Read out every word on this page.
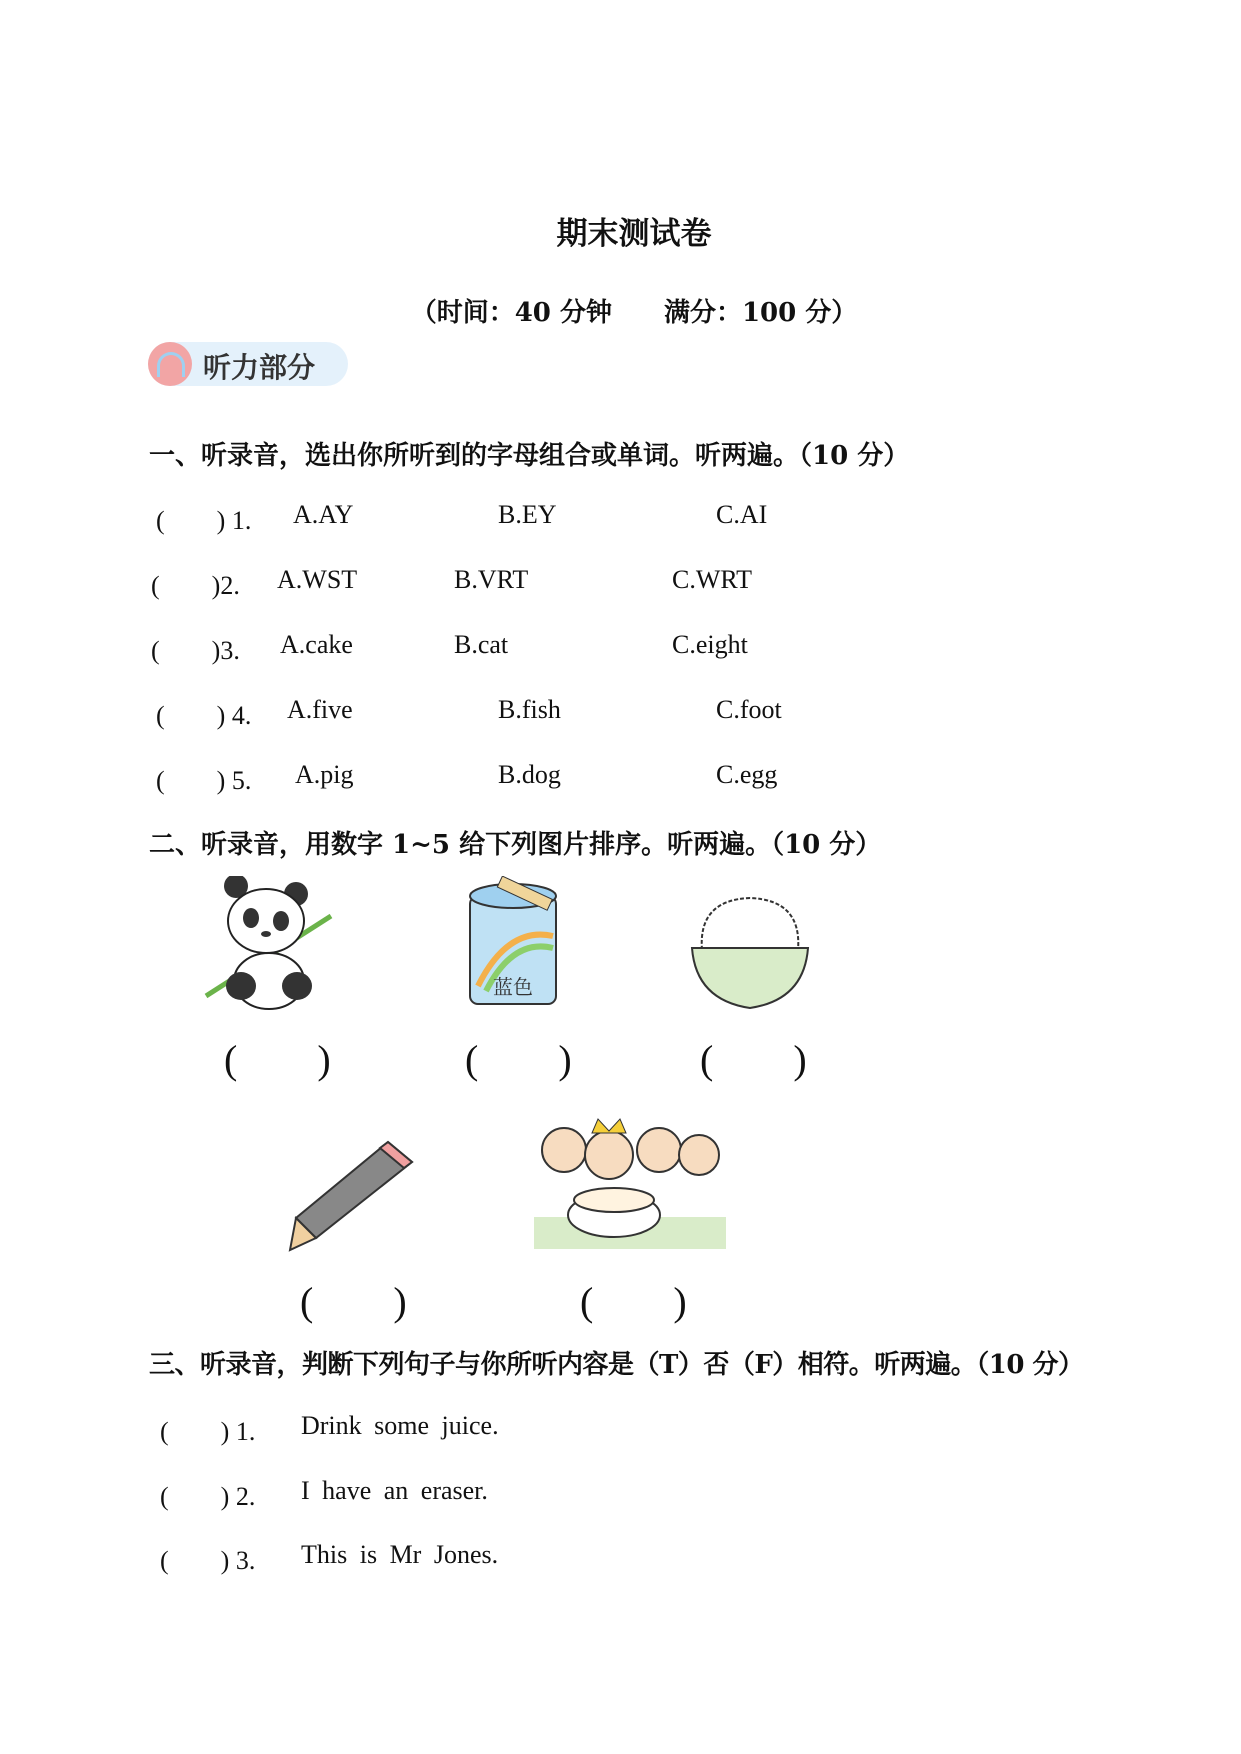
期末测试卷
（时间：40 分钟　　满分：100 分）
听力部分
一、听录音，选出你所听到的字母组合或单词。听两遍。（10 分）
(　　) 1. A.AY	B.EY	C.AI
(　　)2. A.WST	B.VRT	C.WRT
(　　)3. A.cake	B.cat	C.eight
(　　) 4. A.five	B.fish	C.foot
(　　) 5. A.pig	B.dog	C.egg
二、听录音，用数字 1~5 给下列图片排序。听两遍。（10 分）
蓝色
(　　)	(　　)	(　　)
(　　)	(　　)
三、听录音，判断下列句子与你所听内容是（T）否（F）相符。听两遍。（10 分）
(　　) 1. Drink some juice.
(　　) 2. I have an eraser.
(　　) 3. This is Mr Jones.
